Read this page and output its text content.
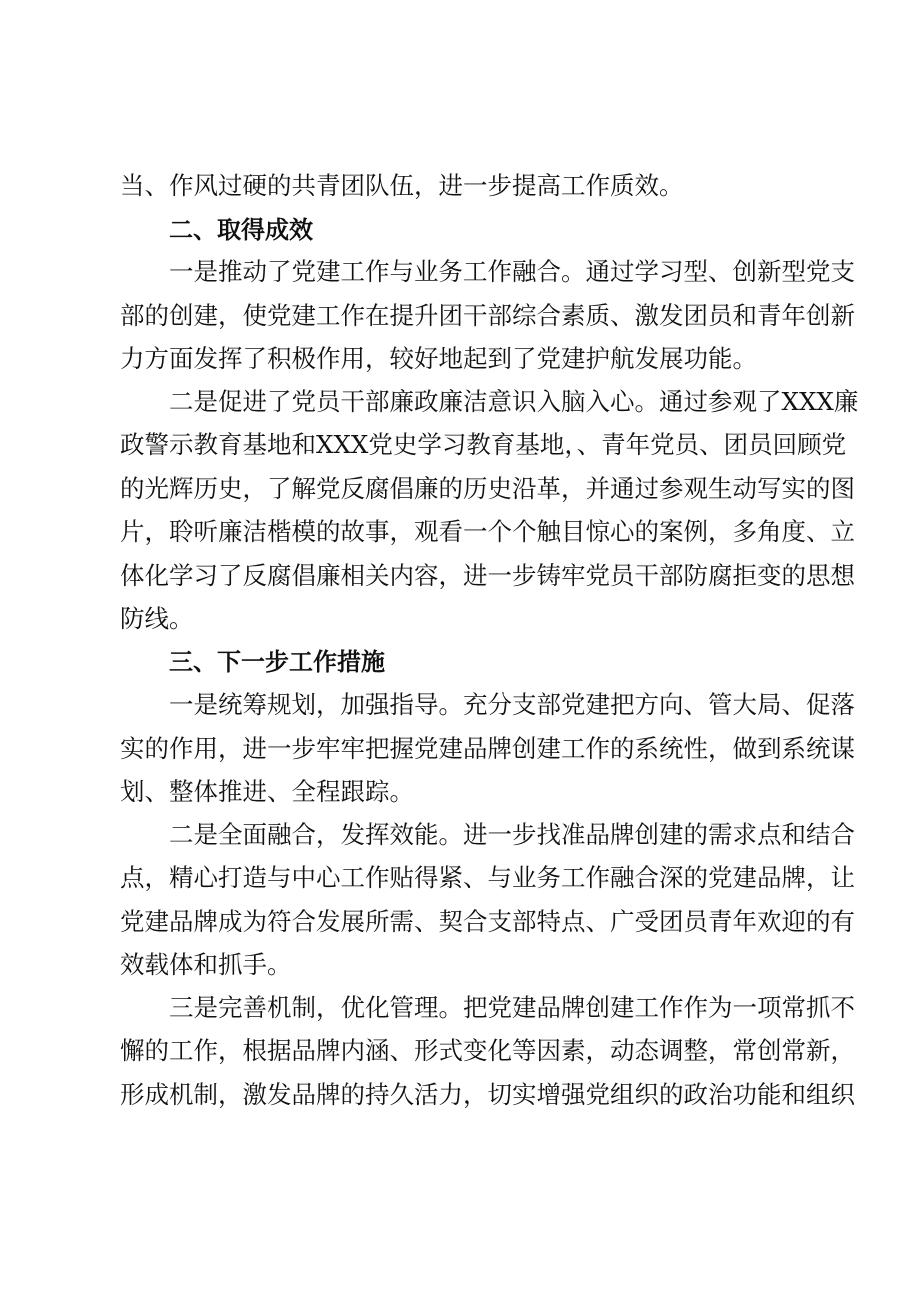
当、作风过硬的共青团队伍，进一步提高工作质效。

二、取得成效

一是推动了党建工作与业务工作融合。通过学习型、创新型党支

部的创建，使党建工作在提升团干部综合素质、激发团员和青年创新

力方面发挥了积极作用，较好地起到了党建护航发展功能。

二是促进了党员干部廉政廉洁意识入脑入心。通过参观了XXX廉

政警示教育基地和XXX党史学习教育基地，、青年党员、团员回顾党

的光辉历史，了解党反腐倡廉的历史沿革，并通过参观生动写实的图

片，聆听廉洁楷模的故事，观看一个个触目惊心的案例，多角度、立

体化学习了反腐倡廉相关内容，进一步铸牢党员干部防腐拒变的思想

防线。

三、下一步工作措施

一是统筹规划，加强指导。充分支部党建把方向、管大局、促落

实的作用，进一步牢牢把握党建品牌创建工作的系统性，做到系统谋

划、整体推进、全程跟踪。

二是全面融合，发挥效能。进一步找准品牌创建的需求点和结合

点，精心打造与中心工作贴得紧、与业务工作融合深的党建品牌，让

党建品牌成为符合发展所需、契合支部特点、广受团员青年欢迎的有

效载体和抓手。

三是完善机制，优化管理。把党建品牌创建工作作为一项常抓不

懈的工作，根据品牌内涵、形式变化等因素，动态调整，常创常新，

形成机制，激发品牌的持久活力，切实增强党组织的政治功能和组织
